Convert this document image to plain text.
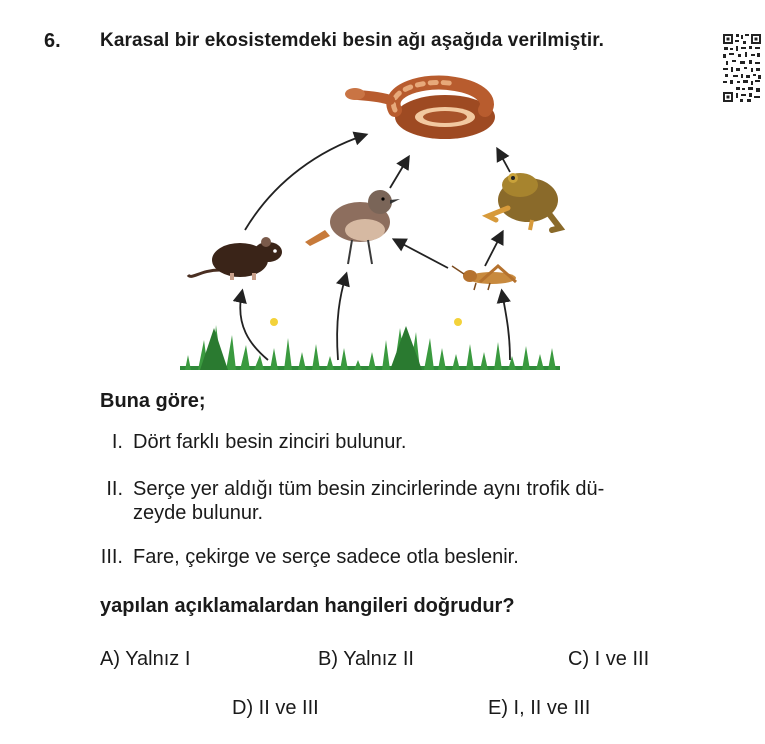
6. Karasal bir ekosistemdeki besin ağı aşağıda verilmiştir.
Buna göre;
I. Dört farklı besin zinciri bulunur.
II. Serçe yer aldığı tüm besin zincirlerinde aynı trofik dü-
zeyde bulunur.
III. Fare, çekirge ve serçe sadece otla beslenir.
yapılan açıklamalardan hangileri doğrudur?
A) Yalnız I	B) Yalnız II	C) I ve III
D) II ve III	E) I, II ve III
